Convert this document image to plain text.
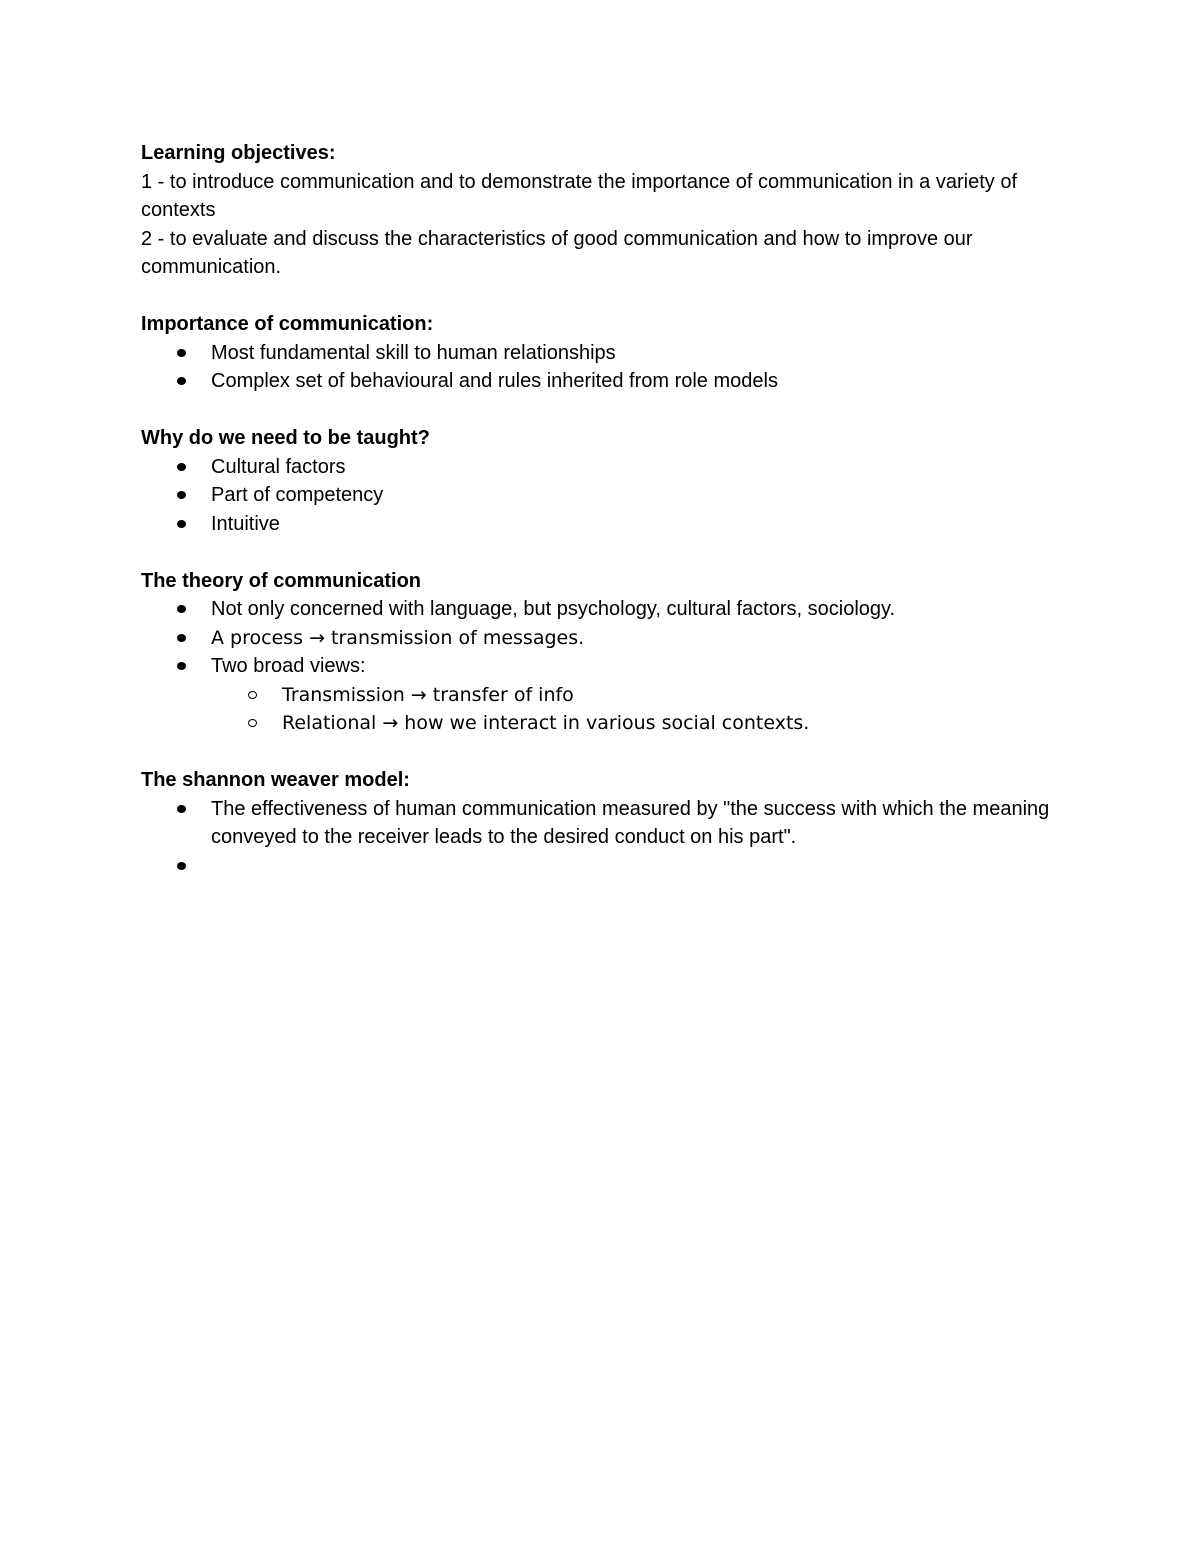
Learning objectives:

1 - to introduce communication and to demonstrate the importance of communication in a variety of contexts

2 - to evaluate and discuss the characteristics of good communication and how to improve our communication.

Importance of communication:

Most fundamental skill to human relationships
Complex set of behavioural and rules inherited from role models

Why do we need to be taught?

Cultural factors
Part of competency
Intuitive

The theory of communication

Not only concerned with language, but psychology, cultural factors, sociology.
A process → transmission of messages.
Two broad views:
Transmission → transfer of info
Relational → how we interact in various social contexts.

The shannon weaver model:

The effectiveness of human communication measured by "the success with which the meaning conveyed to the receiver leads to the desired conduct on his part".
